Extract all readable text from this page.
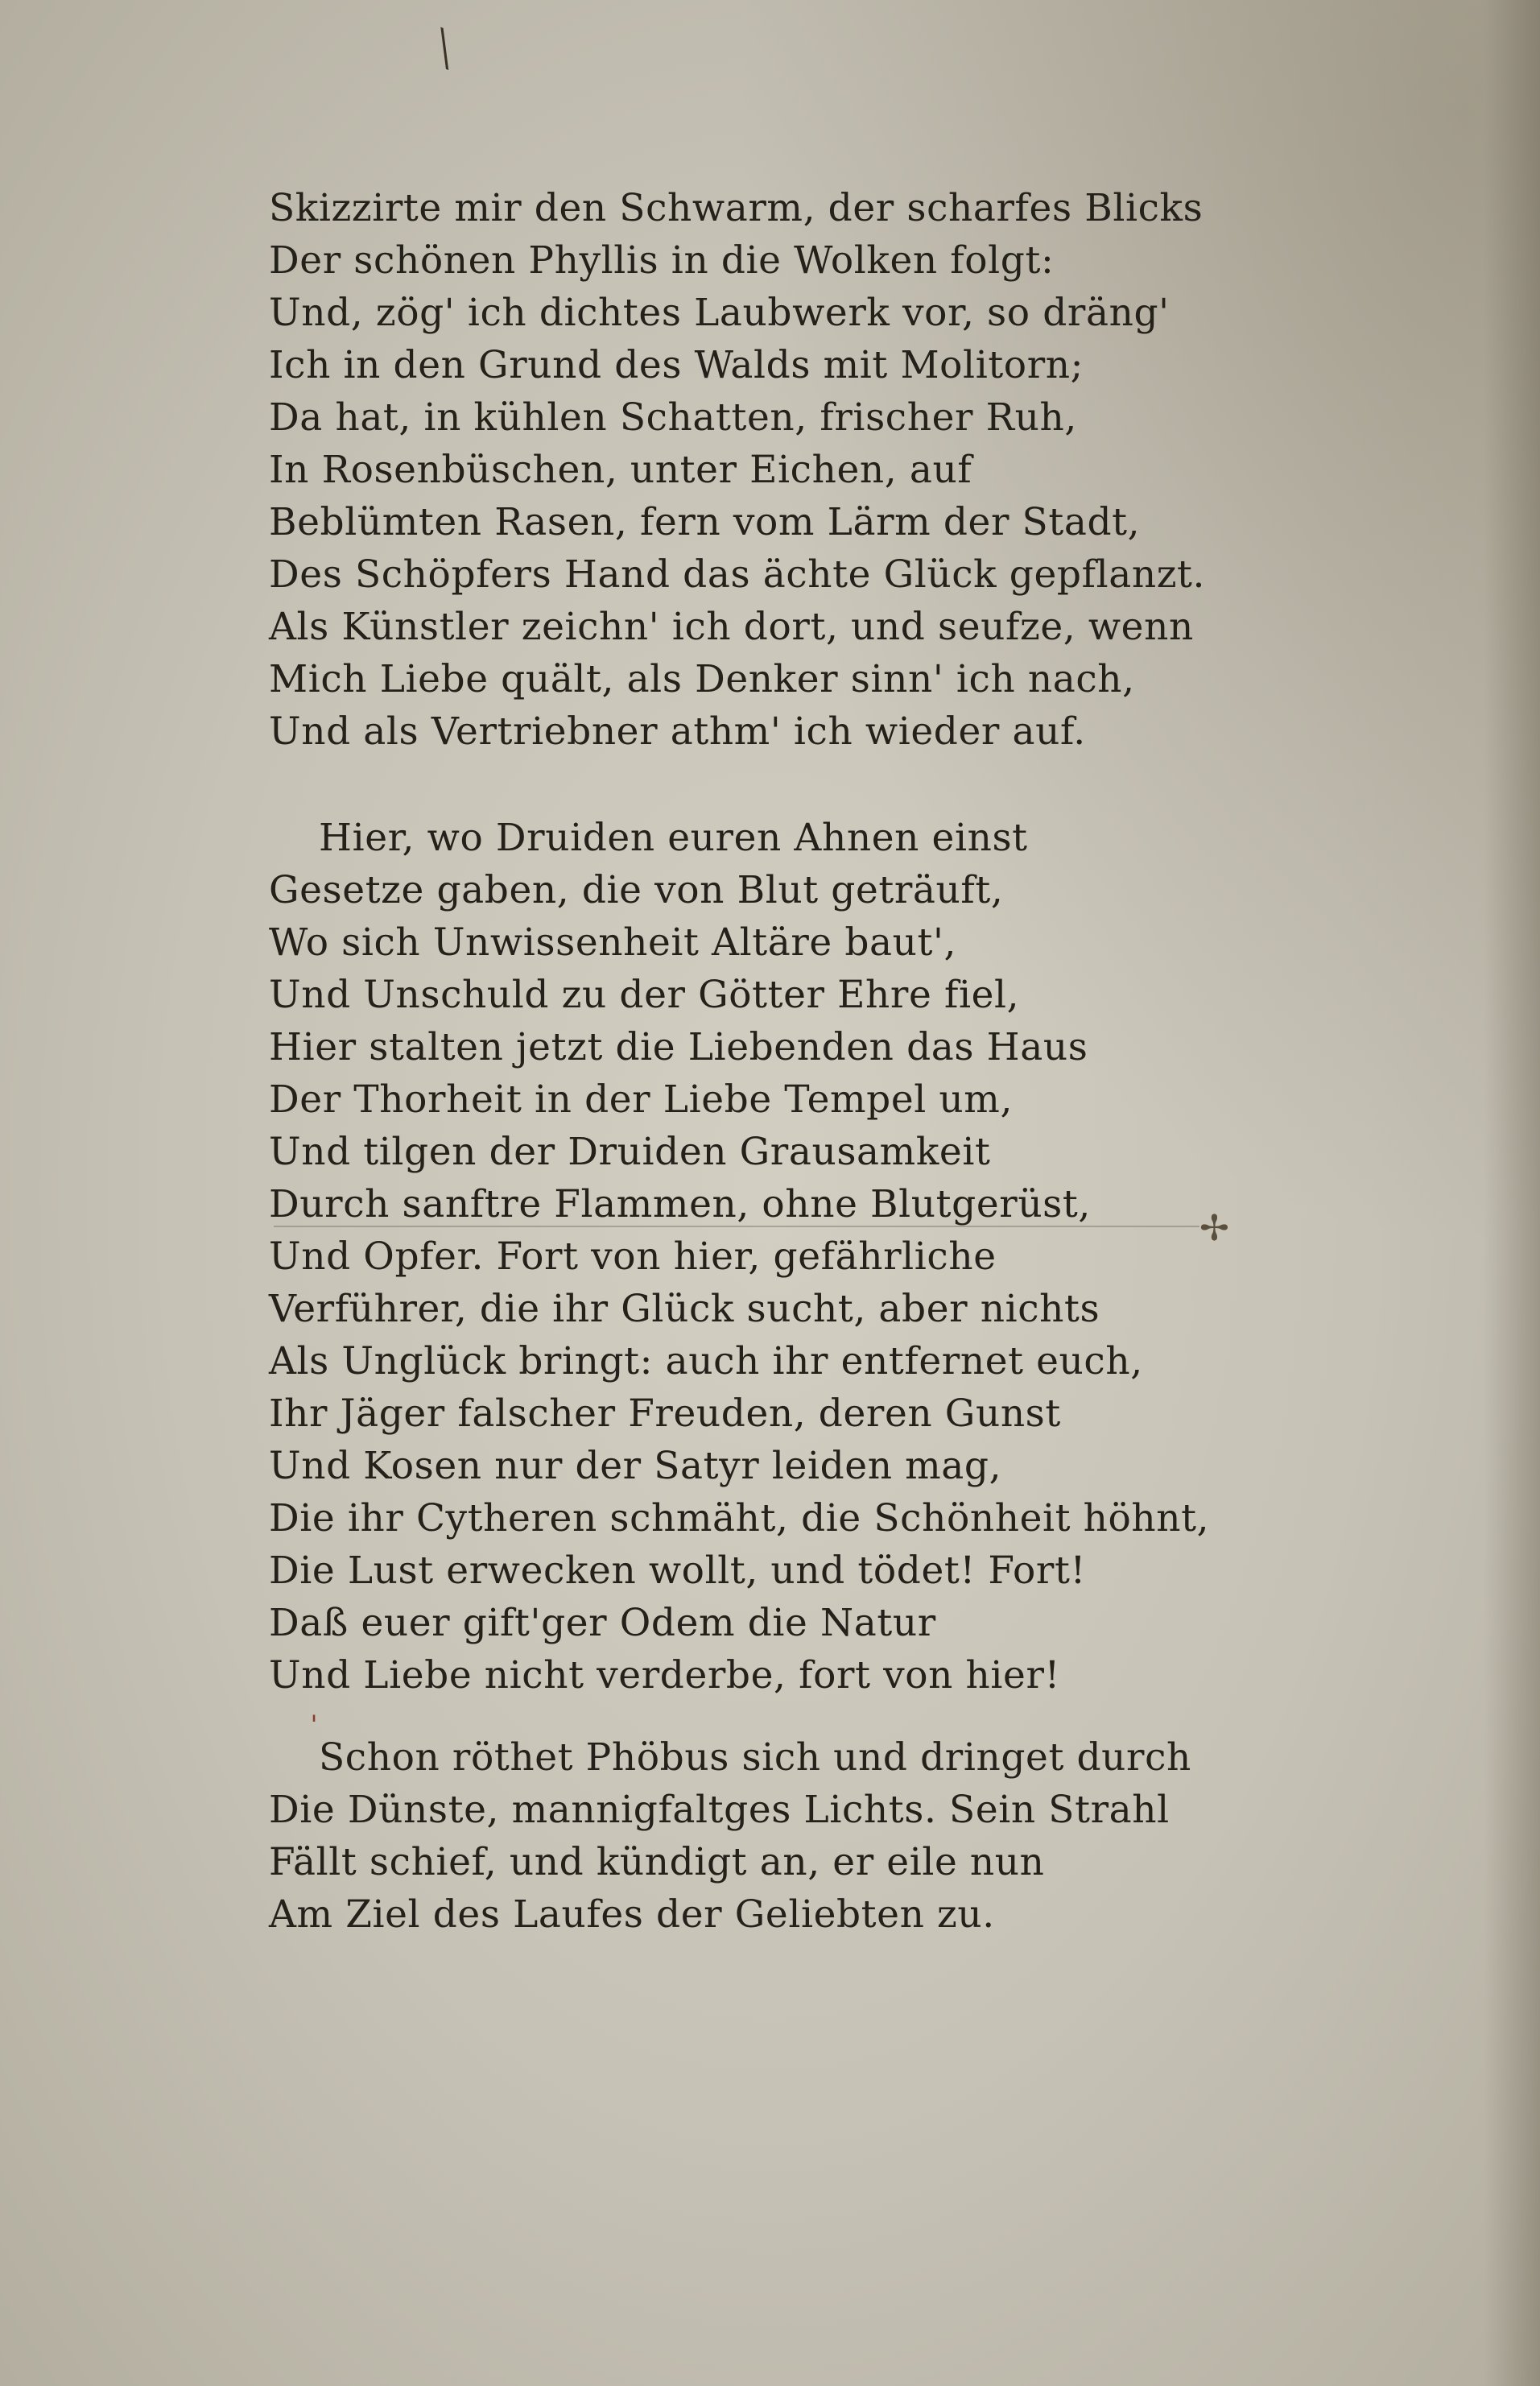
╲
✢
ˈ
Skizzirte mir den Schwarm, der scharfes Blicks
Der schönen Phyllis in die Wolken folgt:
Und, zög' ich dichtes Laubwerk vor, so dräng'
Ich in den Grund des Walds mit Molitorn;
Da hat, in kühlen Schatten, frischer Ruh,
In Rosenbüschen, unter Eichen, auf
Beblümten Rasen, fern vom Lärm der Stadt,
Des Schöpfers Hand das ächte Glück gepflanzt.
Als Künstler zeichn' ich dort, und seufze, wenn
Mich Liebe quält, als Denker sinn' ich nach,
Und als Vertriebner athm' ich wieder auf.
Hier, wo Druiden euren Ahnen einst
Gesetze gaben, die von Blut geträuft,
Wo sich Unwissenheit Altäre baut',
Und Unschuld zu der Götter Ehre fiel,
Hier stalten jetzt die Liebenden das Haus
Der Thorheit in der Liebe Tempel um,
Und tilgen der Druiden Grausamkeit
Durch sanftre Flammen, ohne Blutgerüst,
Und Opfer. Fort von hier, gefährliche
Verführer, die ihr Glück sucht, aber nichts
Als Unglück bringt: auch ihr entfernet euch,
Ihr Jäger falscher Freuden, deren Gunst
Und Kosen nur der Satyr leiden mag,
Die ihr Cytheren schmäht, die Schönheit höhnt,
Die Lust erwecken wollt, und tödet! Fort!
Daß euer gift'ger Odem die Natur
Und Liebe nicht verderbe, fort von hier!
Schon röthet Phöbus sich und dringet durch
Die Dünste, mannigfaltges Lichts. Sein Strahl
Fällt schief, und kündigt an, er eile nun
Am Ziel des Laufes der Geliebten zu.
